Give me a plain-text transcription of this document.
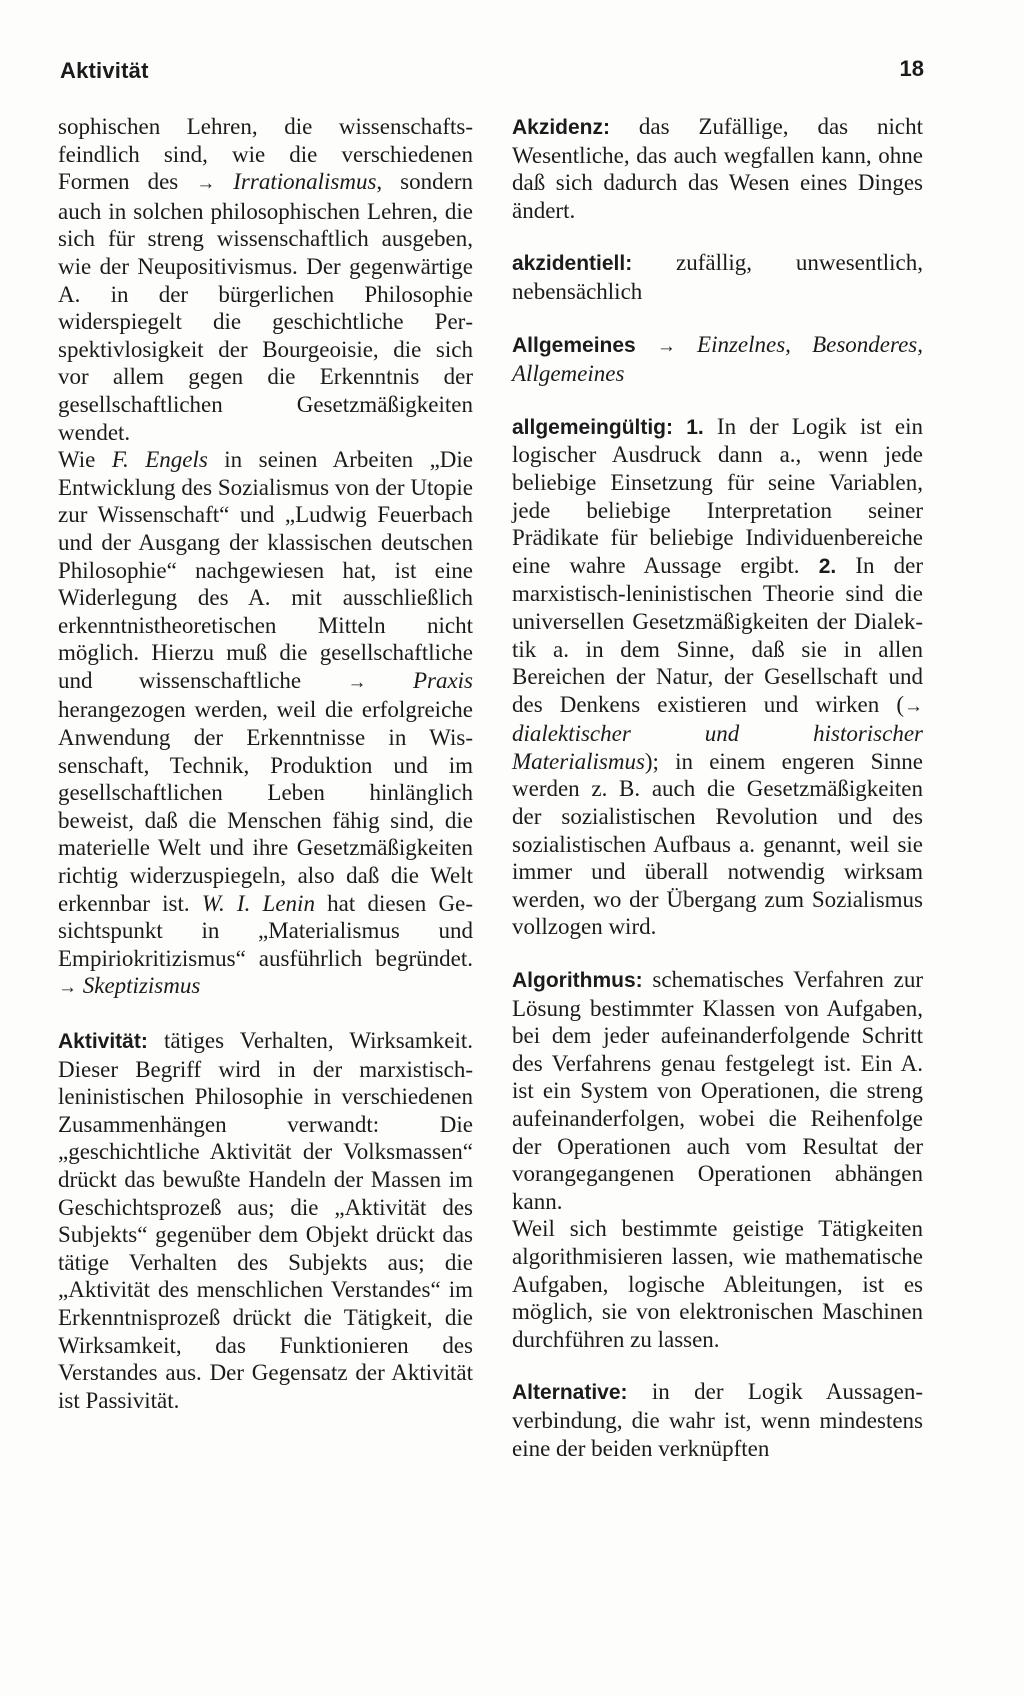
Aktivität	18

sophischen Lehren, die wissenschaftsfeindlich sind, wie die verschiedenen Formen des → Irrationalismus, sondern auch in solchen philosophischen Lehren, die sich für streng wissenschaftlich ausgeben, wie der Neupositivismus. Der gegenwärtige A. in der bürgerlichen Philosophie widerspiegelt die geschichtliche Perspektivlosigkeit der Bourgeoisie, die sich vor allem gegen die Erkenntnis der gesellschaftlichen Gesetzmäßigkeiten wendet.

Wie F. Engels in seinen Arbeiten „Die Entwicklung des Sozialismus von der Utopie zur Wissenschaft“ und „Ludwig Feuerbach und der Ausgang der klassischen deutschen Philosophie“ nachgewiesen hat, ist eine Widerlegung des A. mit ausschließlich erkenntnistheoretischen Mitteln nicht möglich. Hierzu muß die gesellschaftliche und wissenschaftliche → Praxis herangezogen werden, weil die erfolgreiche Anwendung der Erkenntnisse in Wissenschaft, Technik, Produktion und im gesellschaftlichen Leben hinlänglich beweist, daß die Menschen fähig sind, die materielle Welt und ihre Gesetzmäßigkeiten richtig widerzuspiegeln, also daß die Welt erkennbar ist. W. I. Lenin hat diesen Gesichtspunkt in „Materialismus und Empiriokritizismus“ ausführlich begründet. → Skeptizismus

Aktivität: tätiges Verhalten, Wirksamkeit. Dieser Begriff wird in der marxistisch-leninistischen Philosophie in verschiedenen Zusammenhängen verwandt: Die „geschichtliche Aktivität der Volksmassen“ drückt das bewußte Handeln der Massen im Geschichtsprozeß aus; die „Aktivität des Subjekts“ gegenüber dem Objekt drückt das tätige Verhalten des Subjekts aus; die „Aktivität des menschlichen Verstandes“ im Erkenntnisprozeß drückt die Tätigkeit, die Wirksamkeit, das Funktionieren des Verstandes aus. Der Gegensatz der Aktivität ist Passivität.

Akzidenz: das Zufällige, das nicht Wesentliche, das auch wegfallen kann, ohne daß sich dadurch das Wesen eines Dinges ändert.

akzidentiell: zufällig, unwesentlich, nebensächlich

Allgemeines → Einzelnes, Besonderes, Allgemeines

allgemeingültig: 1. In der Logik ist ein logischer Ausdruck dann a., wenn jede beliebige Einsetzung für seine Variablen, jede beliebige Interpretation seiner Prädikate für beliebige Individuenbereiche eine wahre Aussage ergibt. 2. In der marxistisch-leninistischen Theorie sind die universellen Gesetzmäßigkeiten der Dialektik a. in dem Sinne, daß sie in allen Bereichen der Natur, der Gesellschaft und des Denkens existieren und wirken (→ dialektischer und historischer Materialismus); in einem engeren Sinne werden z. B. auch die Gesetzmäßigkeiten der sozialistischen Revolution und des sozialistischen Aufbaus a. genannt, weil sie immer und überall notwendig wirksam werden, wo der Übergang zum Sozialismus vollzogen wird.

Algorithmus: schematisches Verfahren zur Lösung bestimmter Klassen von Aufgaben, bei dem jeder aufeinanderfolgende Schritt des Verfahrens genau festgelegt ist. Ein A. ist ein System von Operationen, die streng aufeinanderfolgen, wobei die Reihenfolge der Operationen auch vom Resultat der vorangegangenen Operationen abhängen kann.

Weil sich bestimmte geistige Tätigkeiten algorithmisieren lassen, wie mathematische Aufgaben, logische Ableitungen, ist es möglich, sie von elektronischen Maschinen durchführen zu lassen.

Alternative: in der Logik Aussagenverbindung, die wahr ist, wenn mindestens eine der beiden verknüpften
